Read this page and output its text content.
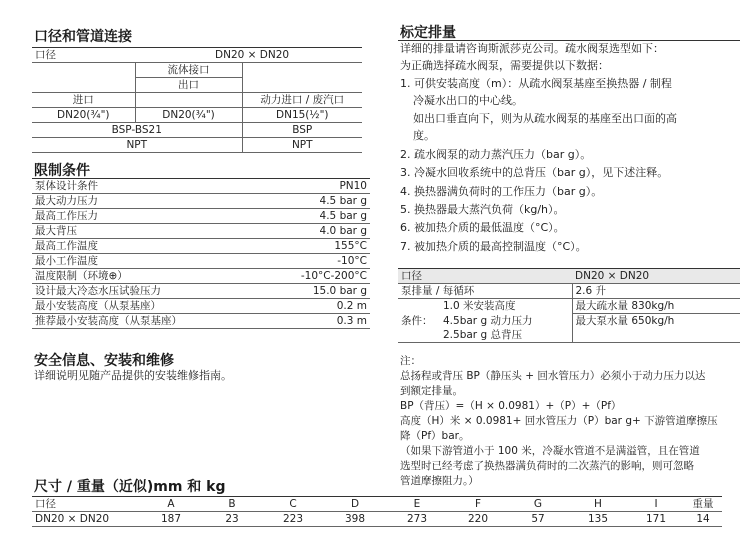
口径和管道连接
口径	DN20 × DN20	
	流体接口	
	出口	
进口		动力进口 / 废汽口
DN20(¾")	DN20(¾")	DN15(½")
BSP-BS21		BSP
NPT		NPT
限制条件
泵体设计条件	PN10
最大动力压力	4.5 bar g
最高工作压力	4.5 bar g
最大背压	4.0 bar g
最高工作温度	155°C
最小工作温度	-10°C
温度限制（环境⊕）	-10°C-200°C
设计最大冷态水压试验压力	15.0 bar g
最小安装高度（从泵基座）	0.2 m
推荐最小安装高度（从泵基座）	0.3 m
安全信息、安装和维修
详细说明见随产品提供的安装维修指南。
尺寸 / 重量（近似)mm 和 kg
口径	A	B	C	D	E	F	G	H	I	重量
DN20 × DN20	187	23	223	398	273	220	57	135	171	14
标定排量
详细的排量请咨询斯派莎克公司。疏水阀泵选型如下：
为正确选择疏水阀泵，需要提供以下数据：
1. 可供安装高度（m）：从疏水阀泵基座至换热器 / 制程
冷凝水出口的中心线。
如出口垂直向下，则为从疏水阀泵的基座至出口面的高
度。
2. 疏水阀泵的动力蒸汽压力（bar g）。
3. 冷凝水回收系统中的总背压（bar g），见下述注释。
4. 换热器满负荷时的工作压力（bar g）。
5. 换热器最大蒸汽负荷（kg/h）。
6. 被加热介质的最低温度（°C）。
7. 被加热介质的最高控制温度（°C）。
口径		DN20 × DN20
泵排量 / 每循环		2.6 升
条件：	1.0 米安装高度	最大疏水量 830kg/h
	4.5bar g 动力压力	最大泵水量 650kg/h
	2.5bar g 总背压	
注：
总扬程或背压 BP（静压头 + 回水管压力）必须小于动力压力以达
到额定排量。
BP（背压）=（H × 0.0981）+（P）+（Pf）
高度（H）米 × 0.0981+ 回水管压力（P）bar g+ 下游管道摩擦压
降（Pf）bar。
（如果下游管道小于 100 米，冷凝水管道不是满溢管，且在管道
选型时已经考虑了换热器满负荷时的二次蒸汽的影响，则可忽略
管道摩擦阻力。）
